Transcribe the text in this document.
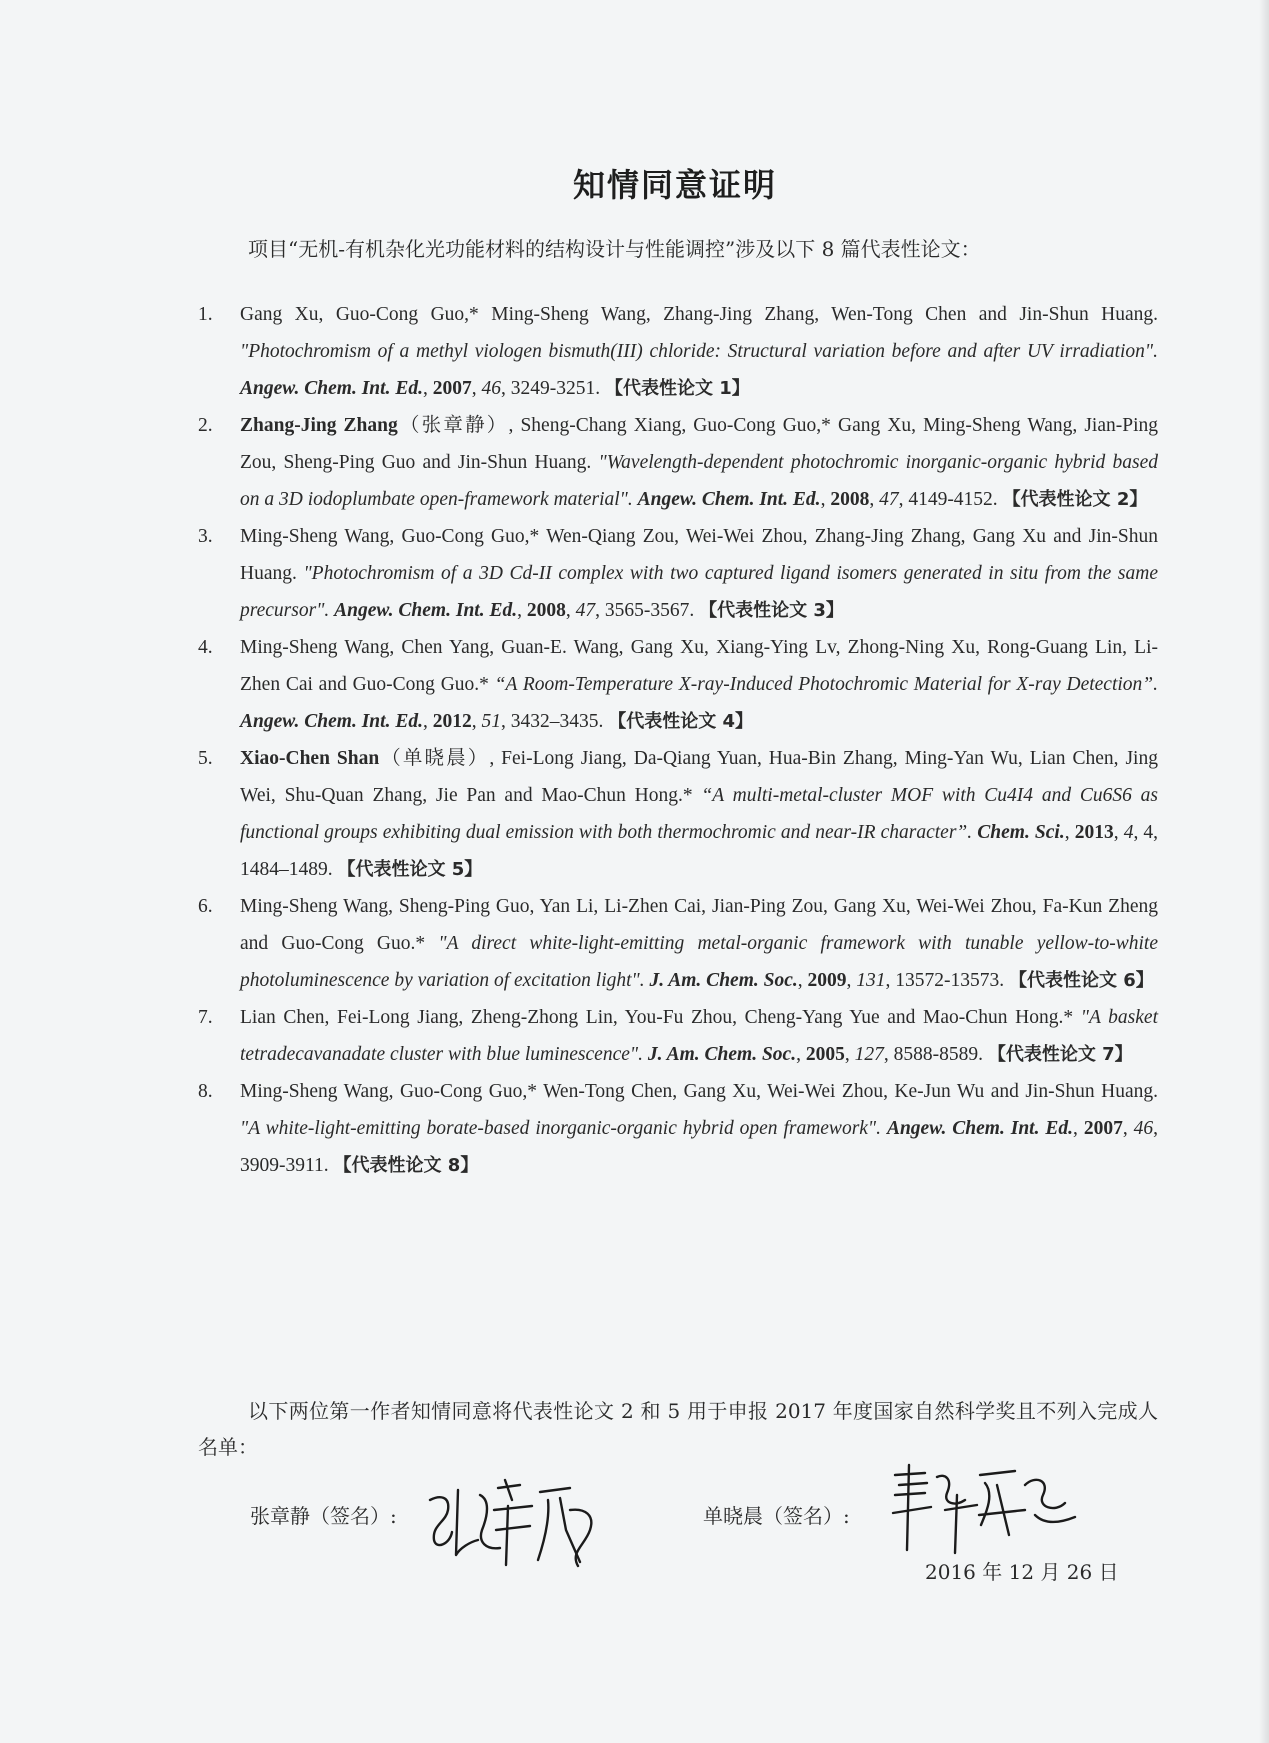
知情同意证明
项目“无机-有机杂化光功能材料的结构设计与性能调控”涉及以下 8 篇代表性论文：
1. Gang Xu, Guo-Cong Guo,* Ming-Sheng Wang, Zhang-Jing Zhang, Wen-Tong Chen and Jin-Shun Huang. "Photochromism of a methyl viologen bismuth(III) chloride: Structural variation before and after UV irradiation". Angew. Chem. Int. Ed., 2007, 46, 3249-3251. 【代表性论文 1】
2. Zhang-Jing Zhang（张章静）, Sheng-Chang Xiang, Guo-Cong Guo,* Gang Xu, Ming-Sheng Wang, Jian-Ping Zou, Sheng-Ping Guo and Jin-Shun Huang. "Wavelength-dependent photochromic inorganic-organic hybrid based on a 3D iodoplumbate open-framework material". Angew. Chem. Int. Ed., 2008, 47, 4149-4152. 【代表性论文 2】
3. Ming-Sheng Wang, Guo-Cong Guo,* Wen-Qiang Zou, Wei-Wei Zhou, Zhang-Jing Zhang, Gang Xu and Jin-Shun Huang. "Photochromism of a 3D Cd-II complex with two captured ligand isomers generated in situ from the same precursor". Angew. Chem. Int. Ed., 2008, 47, 3565-3567. 【代表性论文 3】
4. Ming-Sheng Wang, Chen Yang, Guan-E. Wang, Gang Xu, Xiang-Ying Lv, Zhong-Ning Xu, Rong-Guang Lin, Li-Zhen Cai and Guo-Cong Guo.* “A Room-Temperature X-ray-Induced Photochromic Material for X-ray Detection”. Angew. Chem. Int. Ed., 2012, 51, 3432–3435. 【代表性论文 4】
5. Xiao-Chen Shan（单晓晨）, Fei-Long Jiang, Da-Qiang Yuan, Hua-Bin Zhang, Ming-Yan Wu, Lian Chen, Jing Wei, Shu-Quan Zhang, Jie Pan and Mao-Chun Hong.* “A multi-metal-cluster MOF with Cu4I4 and Cu6S6 as functional groups exhibiting dual emission with both thermochromic and near-IR character”. Chem. Sci., 2013, 4, 4, 1484–1489. 【代表性论文 5】
6. Ming-Sheng Wang, Sheng-Ping Guo, Yan Li, Li-Zhen Cai, Jian-Ping Zou, Gang Xu, Wei-Wei Zhou, Fa-Kun Zheng and Guo-Cong Guo.* "A direct white-light-emitting metal-organic framework with tunable yellow-to-white photoluminescence by variation of excitation light". J. Am. Chem. Soc., 2009, 131, 13572-13573. 【代表性论文 6】
7. Lian Chen, Fei-Long Jiang, Zheng-Zhong Lin, You-Fu Zhou, Cheng-Yang Yue and Mao-Chun Hong.* "A basket tetradecavanadate cluster with blue luminescence". J. Am. Chem. Soc., 2005, 127, 8588-8589. 【代表性论文 7】
8. Ming-Sheng Wang, Guo-Cong Guo,* Wen-Tong Chen, Gang Xu, Wei-Wei Zhou, Ke-Jun Wu and Jin-Shun Huang. "A white-light-emitting borate-based inorganic-organic hybrid open framework". Angew. Chem. Int. Ed., 2007, 46, 3909-3911. 【代表性论文 8】
以下两位第一作者知情同意将代表性论文 2 和 5 用于申报 2017 年度国家自然科学奖且不列入完成人名单：
张章静（签名）:	单晓晨（签名）:
2016 年 12 月 26 日
